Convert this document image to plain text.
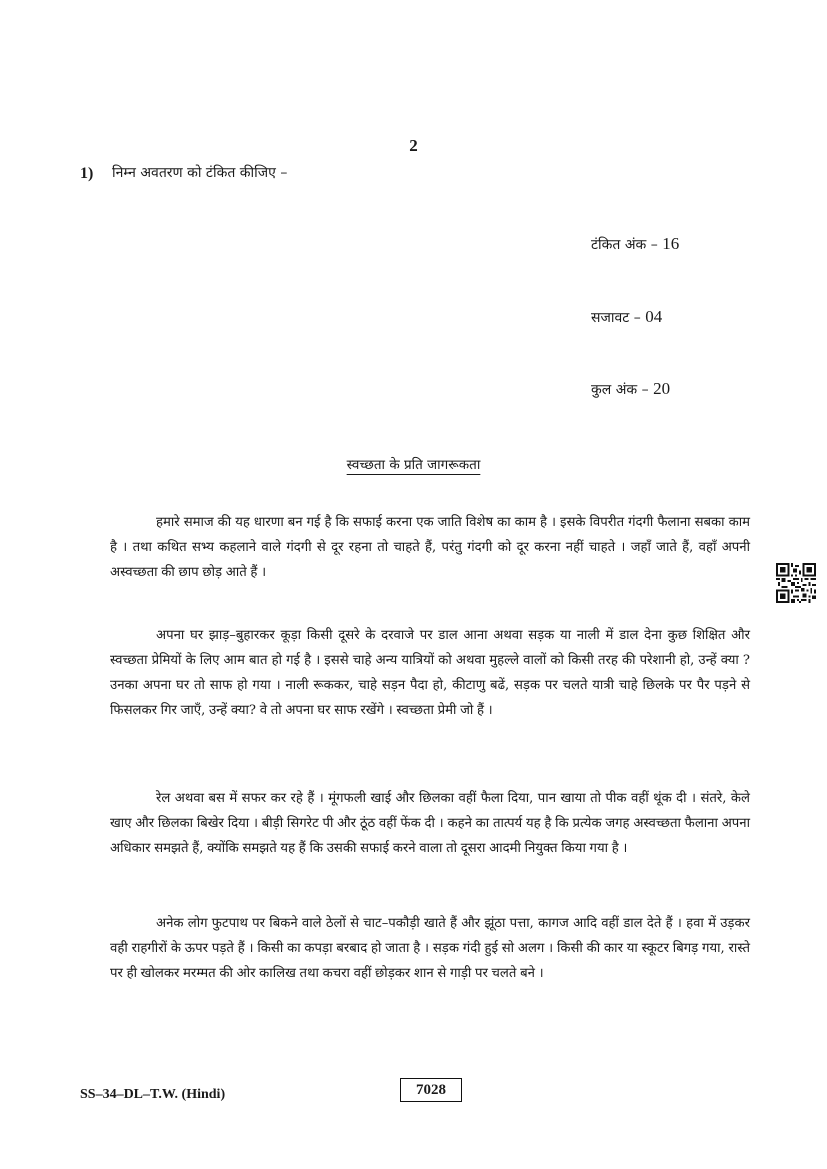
2
1) निम्न अवतरण को टंकित कीजिए –
टंकित अंक – 16
सजावट – 04
कुल अंक – 20
स्वच्छता के प्रति जागरूकता

हमारे समाज की यह धारणा बन गई है कि सफाई करना एक जाति विशेष का काम है । इसके विपरीत गंदगी फैलाना सबका काम है । तथा कथित सभ्य कहलाने वाले गंदगी से दूर रहना तो चाहते हैं, परंतु गंदगी को दूर करना नहीं चाहते । जहाँ जाते हैं, वहाँ अपनी अस्वच्छता की छाप छोड़ आते हैं ।

अपना घर झाड़–बुहारकर कूड़ा किसी दूसरे के दरवाजे पर डाल आना अथवा सड़क या नाली में डाल देना कुछ शिक्षित और स्वच्छता प्रेमियों के लिए आम बात हो गई है । इससे चाहे अन्य यात्रियों को अथवा मुहल्ले वालों को किसी तरह की परेशानी हो, उन्हें क्या ? उनका अपना घर तो साफ हो गया । नाली रूककर, चाहे सड़न पैदा हो, कीटाणु बढें, सड़क पर चलते यात्री चाहे छिलके पर पैर पड़ने से फिसलकर गिर जाएँ, उन्हें क्या? वे तो अपना घर साफ रखेंगे । स्वच्छता प्रेमी जो हैं ।

रेल अथवा बस में सफर कर रहे हैं । मूंगफली खाई और छिलका वहीं फैला दिया, पान खाया तो पीक वहीं थूंक दी । संतरे, केले खाए और छिलका बिखेर दिया । बीड़ी सिगरेट पी और ठूंठ वहीं फेंक दी । कहने का तात्पर्य यह है कि प्रत्येक जगह अस्वच्छता फैलाना अपना अधिकार समझते हैं, क्योंकि समझते यह हैं कि उसकी सफाई करने वाला तो दूसरा आदमी नियुक्त किया गया है ।

अनेक लोग फुटपाथ पर बिकने वाले ठेलों से चाट–पकौड़ी खाते हैं और झूंठा पत्ता, कागज आदि वहीं डाल देते हैं । हवा में उड़कर वही राहगीरों के ऊपर पड़ते हैं । किसी का कपड़ा बरबाद हो जाता है । सड़क गंदी हुई सो अलग । किसी की कार या स्कूटर बिगड़ गया, रास्ते पर ही खोलकर मरम्मत की ओर कालिख तथा कचरा वहीं छोड़कर शान से गाड़ी पर चलते बने ।

SS–34–DL–T.W. (Hindi)	7028
